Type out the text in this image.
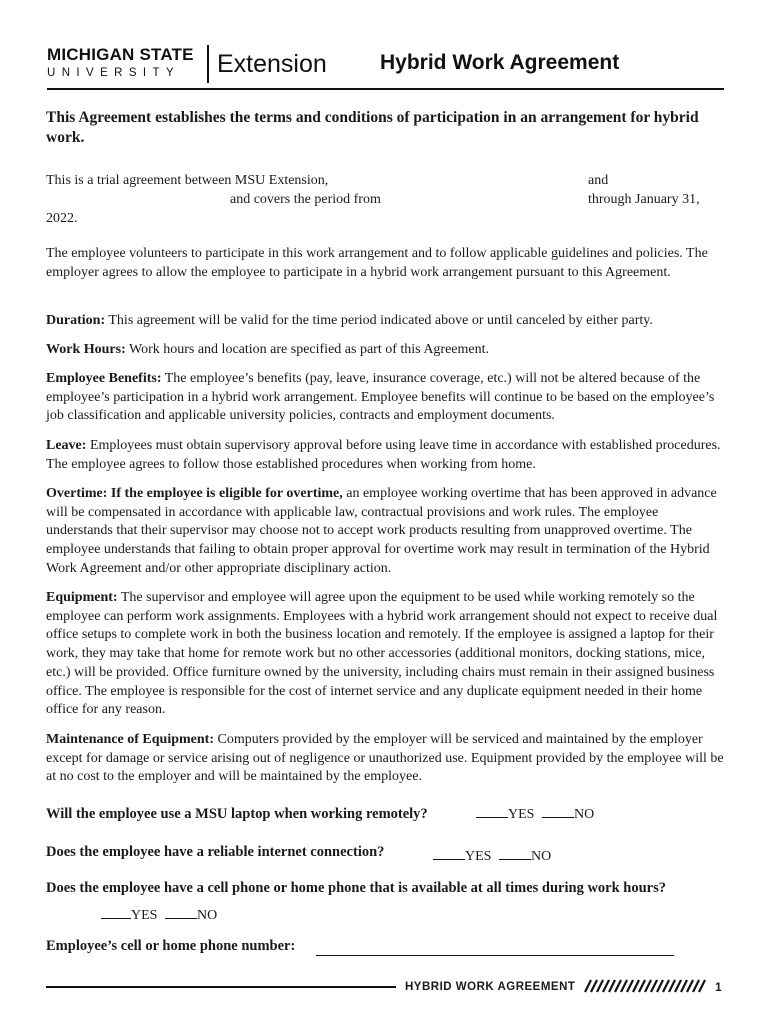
MICHIGAN STATE
UNIVERSITY	Extension	Hybrid Work Agreement
This Agreement establishes the terms and conditions of participation in an arrangement for hybrid work.
This is a trial agreement between MSU Extension,	and
and covers the period from	through January 31,
2022.
The employee volunteers to participate in this work arrangement and to follow applicable guidelines and policies. The employer agrees to allow the employee to participate in a hybrid work arrangement pursuant to this Agreement.
Duration: This agreement will be valid for the time period indicated above or until canceled by either party.
Work Hours: Work hours and location are specified as part of this Agreement.
Employee Benefits: The employee’s benefits (pay, leave, insurance coverage, etc.) will not be altered because of the employee’s participation in a hybrid work arrangement. Employee benefits will continue to be based on the employee’s job classification and applicable university policies, contracts and employment documents.
Leave: Employees must obtain supervisory approval before using leave time in accordance with established procedures. The employee agrees to follow those established procedures when working from home.
Overtime: If the employee is eligible for overtime, an employee working overtime that has been approved in advance will be compensated in accordance with applicable law, contractual provisions and work rules. The employee understands that their supervisor may choose not to accept work products resulting from unapproved overtime. The employee understands that failing to obtain proper approval for overtime work may result in termination of the Hybrid Work Agreement and/or other appropriate disciplinary action.
Equipment: The supervisor and employee will agree upon the equipment to be used while working remotely so the employee can perform work assignments. Employees with a hybrid work arrangement should not expect to receive dual office setups to complete work in both the business location and remotely. If the employee is assigned a laptop for their work, they may take that home for remote work but no other accessories (additional monitors, docking stations, mice, etc.) will be provided. Office furniture owned by the university, including chairs must remain in their assigned business office. The employee is responsible for the cost of internet service and any duplicate equipment needed in their home office for any reason.
Maintenance of Equipment: Computers provided by the employer will be serviced and maintained by the employer except for damage or service arising out of negligence or unauthorized use. Equipment provided by the employee will be at no cost to the employer and will be maintained by the employee.
Will the employee use a MSU laptop when working remotely?	YES	NO
Does the employee have a reliable internet connection?	YES	NO
Does the employee have a cell phone or home phone that is available at all times during work hours?
YES	NO
Employee’s cell or home phone number:
HYBRID WORK AGREEMENT	1
